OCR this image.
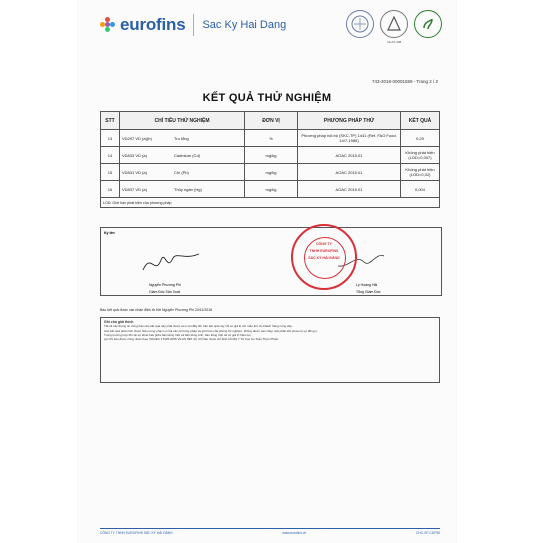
eurofins Sac Ky Hai Dang
VILAS 498
743-2018-00001559 - Trang 2 / 2
KẾT QUẢ THỬ NGHIỆM
STT	CHỈ TIÊU THỬ NGHIỆM	ĐƠN VỊ	PHƯƠNG PHÁP THỬ	KẾT QUẢ
13	VD297 VD (a)(b) Tro tổng	%	Phương pháp nội bộ (SKC-TP) 1441 (Ref. FAO Food. 14/7-1986)	0,29
14	VD833 VD (a) Cadmium (Cd)	mg/kg	AOAC 2015.01	Không phát hiện (LOD=0,007)
15	VD831 VD (a) Chì (Pb)	mg/kg	AOAC 2015.01	Không phát hiện (LOD=0,02)
16	VD837 VD (a) Thủy ngân (Hg)	mg/kg	AOAC 2015.01	0,004
LOD: Giới hạn phát hiện của phương pháp				
Ký tên
CÔNG TY
TNHH EUROFINS
SẮC KÝ HẢI ĐĂNG
Nguyễn Phương Phi
Giám Đốc Sản Xuất
Lý Hoàng Hải
Tổng Giám Đốc
Báo kết quả được xác nhận điện tử bởi Nguyễn Phương Phi 24/11/2018
Ghi chú giải thích
Tất cả các thông tin trong báo cáo kết quả này phải được xem xét đầy đủ, bản kết quả này chỉ có giá trị với mẫu thử do khách hàng cung cấp.
Các kết quả phân tích được hiểu trong phạm vi của các phương pháp và giới hạn của phòng thí nghiệm, không được sao chép một phần khi chưa có sự đồng ý.
Trong trường hợp tồn tại sự khác biệt giữa bản tiếng Việt và bản tiếng Anh, bản tiếng Việt sẽ có giá trị hiệu lực.
(a) Chỉ tiêu được công nhận theo ISO/IEC 17025:2005 VILAS 498. (b) Chỉ tiêu được chỉ định bởi Bộ Y Tế Cục An Toàn Thực Phẩm.
CÔNG TY TNHH EUROFINS SẮC KÝ HẢI ĐĂNG	www.eurofins.vn	CHC-SF-CDF55
